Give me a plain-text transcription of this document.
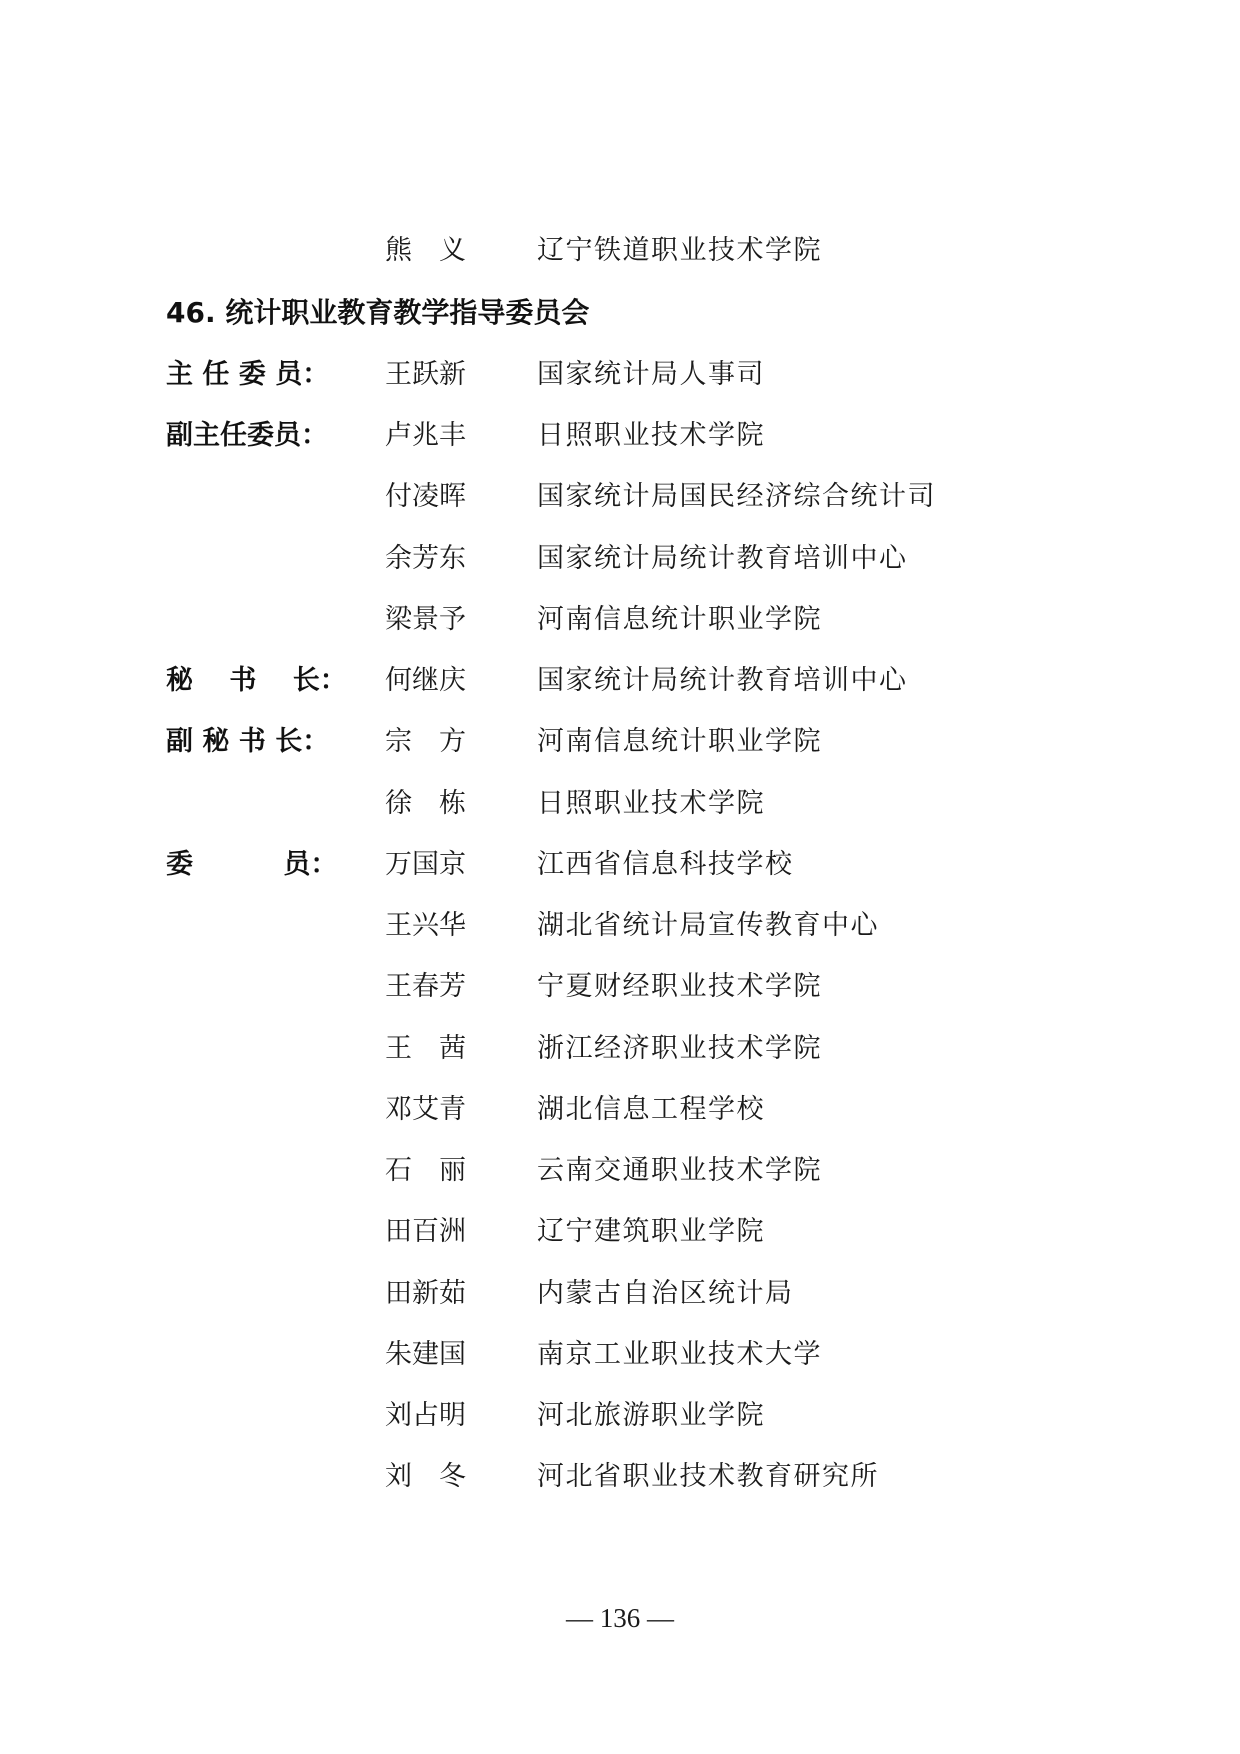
熊　义	辽宁铁道职业技术学院
46. 统计职业教育教学指导委员会
主 任 委 员： 王跃新	国家统计局人事司
副主任委员： 卢兆丰	日照职业技术学院
付凌晖	国家统计局国民经济综合统计司
余芳东	国家统计局统计教育培训中心
梁景予	河南信息统计职业学院
秘　 书 　长： 何继庆	国家统计局统计教育培训中心
副 秘 书 长： 宗　方	河南信息统计职业学院
徐　栋	日照职业技术学院
委　　　 员： 万国京	江西省信息科技学校
王兴华	湖北省统计局宣传教育中心
王春芳	宁夏财经职业技术学院
王　茜	浙江经济职业技术学院
邓艾青	湖北信息工程学校
石　丽	云南交通职业技术学院
田百洲	辽宁建筑职业学院
田新茹	内蒙古自治区统计局
朱建国	南京工业职业技术大学
刘占明	河北旅游职业学院
刘　冬	河北省职业技术教育研究所
— 136 —
